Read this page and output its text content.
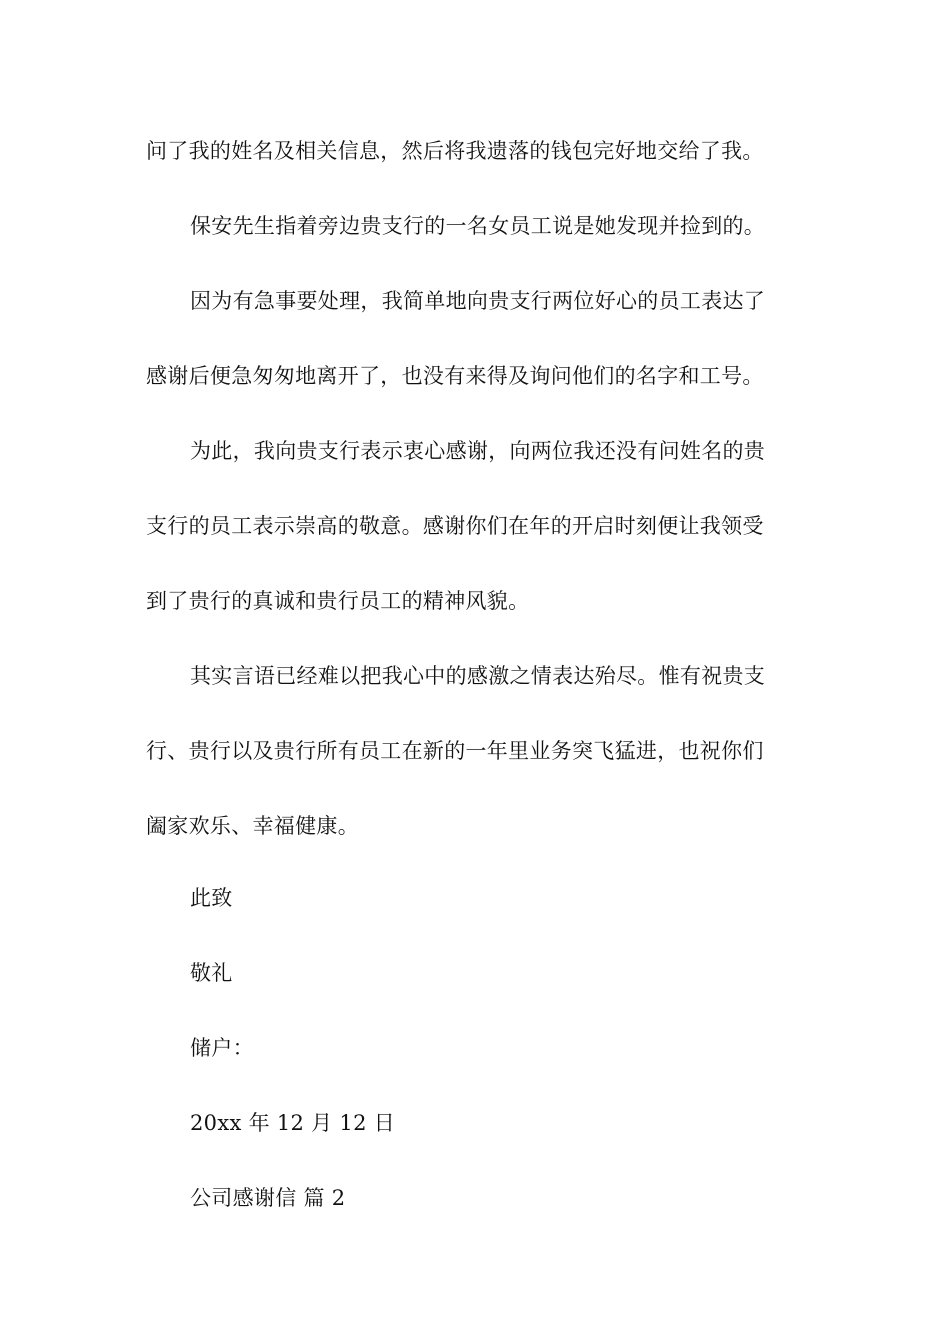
问了我的姓名及相关信息，然后将我遗落的钱包完好地交给了我。
保安先生指着旁边贵支行的一名女员工说是她发现并捡到的。
因为有急事要处理，我简单地向贵支行两位好心的员工表达了
感谢后便急匆匆地离开了，也没有来得及询问他们的名字和工号。
为此，我向贵支行表示衷心感谢，向两位我还没有问姓名的贵
支行的员工表示崇高的敬意。感谢你们在年的开启时刻便让我领受
到了贵行的真诚和贵行员工的精神风貌。
其实言语已经难以把我心中的感激之情表达殆尽。惟有祝贵支
行、贵行以及贵行所有员工在新的一年里业务突飞猛进，也祝你们
阖家欢乐、幸福健康。
此致
敬礼
储户：
20xx 年 12 月 12 日
公司感谢信 篇 2
